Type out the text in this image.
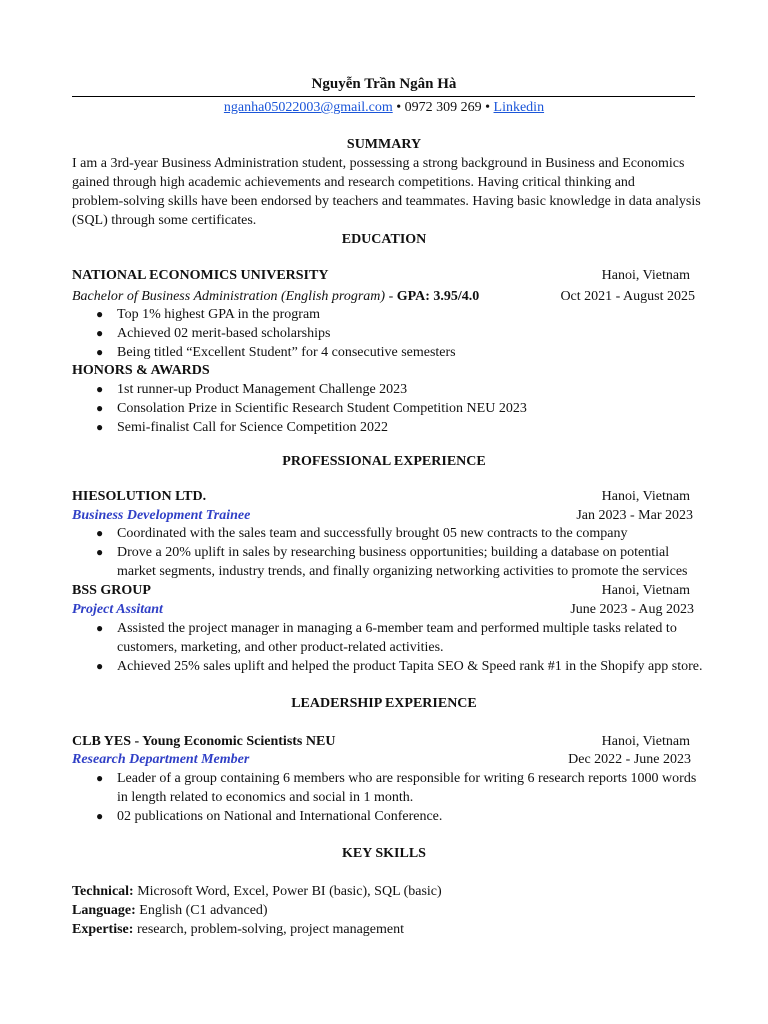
Nguyễn Trần Ngân Hà
nganha05022003@gmail.com • 0972 309 269 • Linkedin
SUMMARY
I am a 3rd-year Business Administration student, possessing a strong background in Business and Economics
gained through high academic achievements and research competitions. Having critical thinking and
problem-solving skills have been endorsed by teachers and teammates. Having basic knowledge in data analysis
(SQL) through some certificates.
EDUCATION
NATIONAL ECONOMICS UNIVERSITY	Hanoi, Vietnam
Bachelor of Business Administration (English program) - GPA: 3.95/4.0	Oct 2021 - August 2025
● Top 1% highest GPA in the program
● Achieved 02 merit-based scholarships
● Being titled “Excellent Student” for 4 consecutive semesters
HONORS & AWARDS
● 1st runner-up Product Management Challenge 2023
● Consolation Prize in Scientific Research Student Competition NEU 2023
● Semi-finalist Call for Science Competition 2022
PROFESSIONAL EXPERIENCE
HIESOLUTION LTD.	Hanoi, Vietnam
Business Development Trainee	Jan 2023 - Mar 2023
● Coordinated with the sales team and successfully brought 05 new contracts to the company
● Drove a 20% uplift in sales by researching business opportunities; building a database on potential
market segments, industry trends, and finally organizing networking activities to promote the services
BSS GROUP	Hanoi, Vietnam
Project Assitant	June 2023 - Aug 2023
● Assisted the project manager in managing a 6-member team and performed multiple tasks related to
customers, marketing, and other product-related activities.
● Achieved 25% sales uplift and helped the product Tapita SEO & Speed rank #1 in the Shopify app store.
LEADERSHIP EXPERIENCE
CLB YES - Young Economic Scientists NEU	Hanoi, Vietnam
Research Department Member	Dec 2022 - June 2023
● Leader of a group containing 6 members who are responsible for writing 6 research reports 1000 words
in length related to economics and social in 1 month.
● 02 publications on National and International Conference.
KEY SKILLS
Technical: Microsoft Word, Excel, Power BI (basic), SQL (basic)
Language: English (C1 advanced)
Expertise: research, problem-solving, project management
